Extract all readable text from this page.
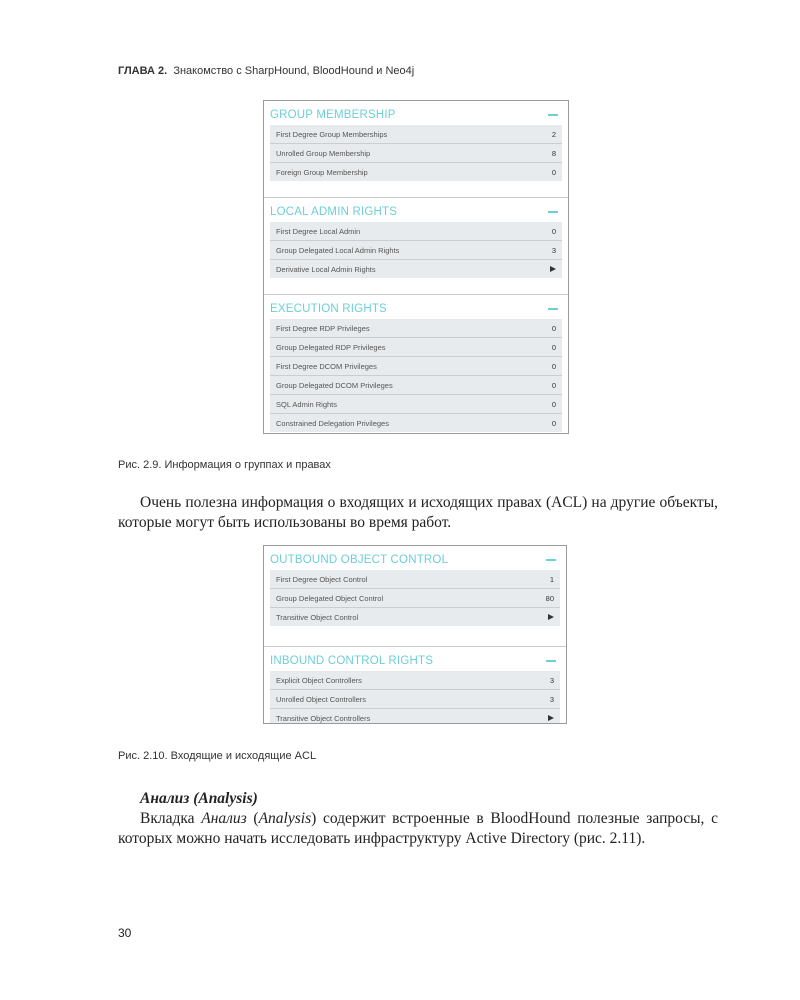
ГЛАВА 2. Знакомство с SharpHound, BloodHound и Neo4j
GROUP MEMBERSHIP
First Degree Group Memberships	2
Unrolled Group Membership	8
Foreign Group Membership	0
LOCAL ADMIN RIGHTS
First Degree Local Admin	0
Group Delegated Local Admin Rights	3
Derivative Local Admin Rights
EXECUTION RIGHTS
First Degree RDP Privileges	0
Group Delegated RDP Privileges	0
First Degree DCOM Privileges	0
Group Delegated DCOM Privileges	0
SQL Admin Rights	0
Constrained Delegation Privileges	0
Рис. 2.9. Информация о группах и правах
Очень полезна информация о входящих и исходящих правах (ACL) на другие объекты, которые могут быть использованы во время работ.
OUTBOUND OBJECT CONTROL
First Degree Object Control	1
Group Delegated Object Control	80
Transitive Object Control
INBOUND CONTROL RIGHTS
Explicit Object Controllers	3
Unrolled Object Controllers	3
Transitive Object Controllers
Рис. 2.10. Входящие и исходящие ACL
Анализ (Analysis)
Вкладка Анализ (Analysis) содержит встроенные в BloodHound полезные запросы, с которых можно начать исследовать инфраструктуру Active Directory (рис. 2.11).
30
